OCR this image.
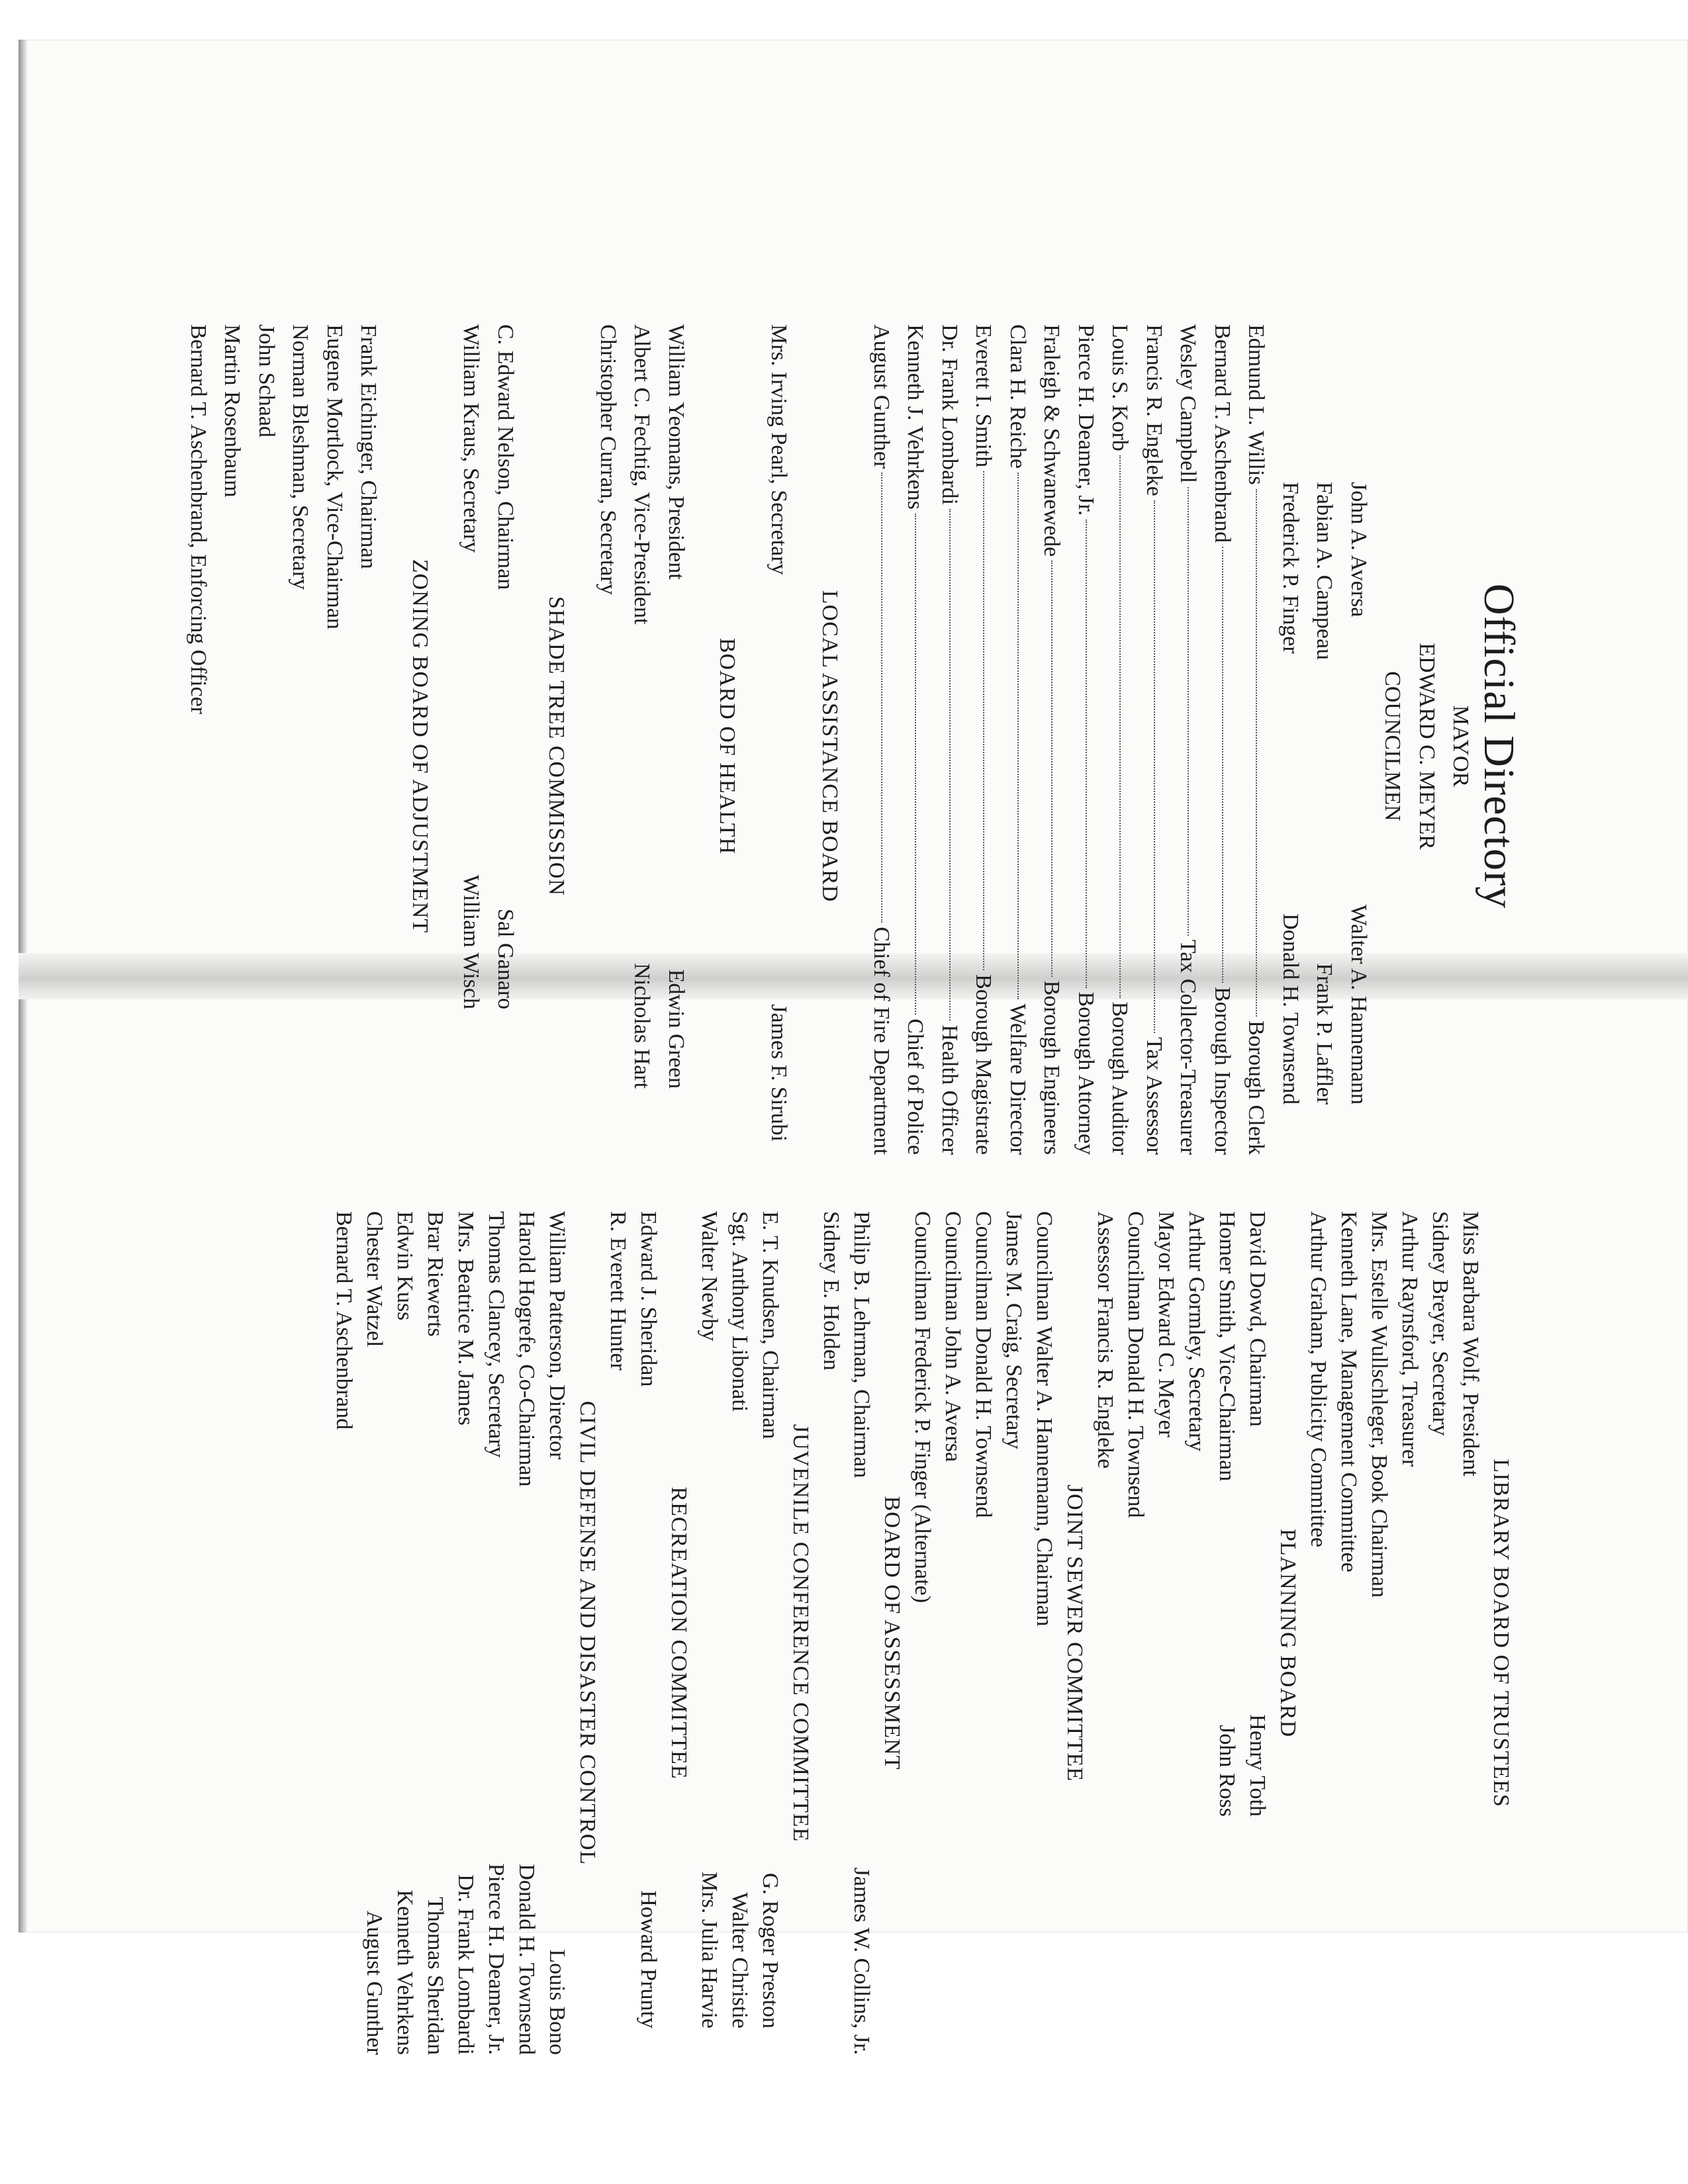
Official Directory
MAYOR
EDWARD C. MEYER
COUNCILMEN
John A. Aversa
Walter A. Hannemann
Fabian A. Campeau
Frank P. Laffler
Frederick P. Finger
Donald H. Townsend
Edmund L. Willis
Borough Clerk
Bernard T. Aschenbrand
Borough Inspector
Wesley Campbell
Tax Collector-Treasurer
Francis R. Englеke
Tax Assessor
Louis S. Korb
Borough Auditor
Pierce H. Deamer, Jr.
Borough Attorney
Fraleigh & Schwanewede
Borough Engineers
Clara H. Reiche
Welfare Director
Everett I. Smith
Borough Magistrate
Dr. Frank Lombardi
Health Officer
Kenneth J. Vehrkens
Chief of Police
August Gunther
Chief of Fire Department
LOCAL ASSISTANCE BOARD
Mrs. Irving Pearl, Secretary
James F. Sirubi
BOARD OF HEALTH
William Yeomans, President
Edwin Green
Albert C. Fechtig, Vice-President
Nicholas Hart
Christopher Curran, Secretary
SHADE TREE COMMISSION
C. Edward Nelson, Chairman
Sal Ganaro
William Kraus, Secretary
William Wisch
ZONING BOARD OF ADJUSTMENT
Frank Eichinger, Chairman
Eugene Mortlock, Vice-Chairman
Norman Bleshman, Secretary
John Schaad
Martin Rosenbaum
Bernard T. Aschenbrand, Enforcing Officer
LIBRARY BOARD OF TRUSTEES
Miss Barbara Wolf, President
Sidney Breyer, Secretary
Arthur Raynsford, Treasurer
Mrs. Estelle Wullschleger, Book Chairman
Kenneth Lane, Management Committee
Arthur Graham, Publicity Committee
PLANNING BOARD
David Dowd, Chairman
Henry Toth
Homer Smith, Vice-Chairman
John Ross
Arthur Gormley, Secretary
Mayor Edward C. Meyer
Councilman Donald H. Townsend
Assessor Francis R. Engleke
JOINT SEWER COMMITTEE
Councilman Walter A. Hannemann, Chairman
James M. Craig, Secretary
Councilman Donald H. Townsend
Councilman John A. Aversa
Councilman Frederick P. Finger (Alternate)
BOARD OF ASSESSMENT
Philip B. Lehrman, Chairman
James W. Collins, Jr.
Sidney E. Holden
JUVENILE CONFERENCE COMMITTEE
E. T. Knudsen, Chairman
G. Roger Preston
Sgt. Anthony Libonati
Walter Christie
Walter Newby
Mrs. Julia Harvie
RECREATION COMMITTEE
Edward J. Sheridan
Howard Prunty
R. Everett Hunter
CIVIL DEFENSE AND DISASTER CONTROL
William Patterson, Director
Louis Bono
Harold Hogrefe, Co-Chairman
Donald H. Townsend
Thomas Clancey, Secretary
Pierce H. Deamer, Jr.
Mrs. Beatrice M. James
Dr. Frank Lombardi
Brar Riewerts
Thomas Sheridan
Edwin Kuss
Kenneth Vehrkens
Chester Watzel
August Gunther
Bernard T. Aschenbrand
